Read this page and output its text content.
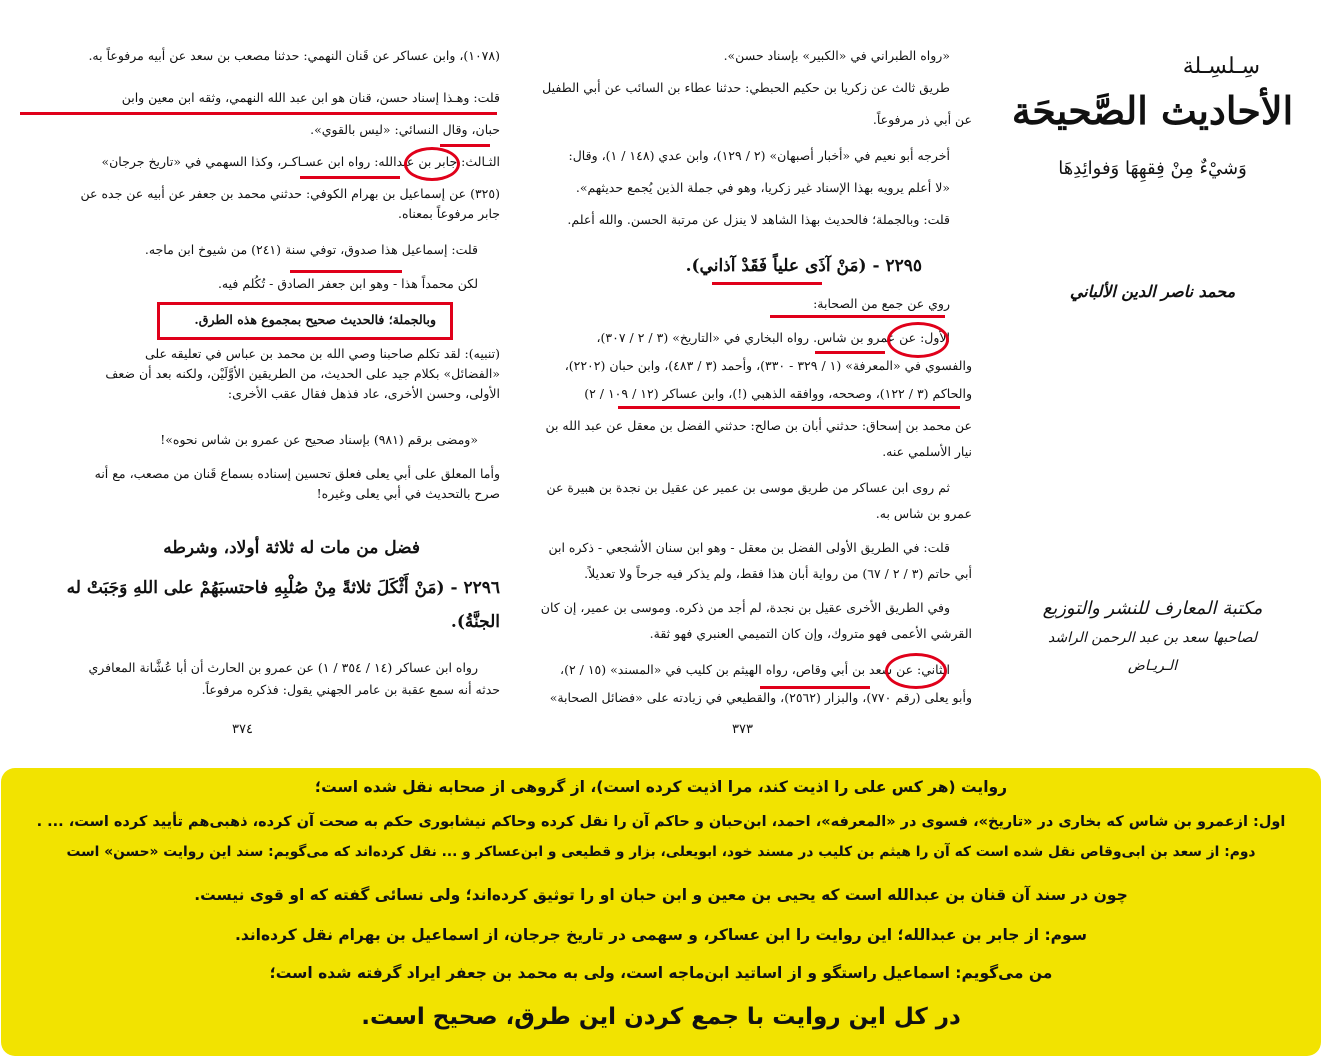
(١٠٧٨)، وابن عساكر عن قَنان النهمي: حدثنا مصعب بن سعد عن أبيه مرفوعاً به.
قلت: وهـذا إسناد حسن، قنان هو ابن عبد الله النهمي، وثقه ابن معين وابن
حبان، وقال النسائي: «ليس بالقوي».
الثـالث: جابر بن عبدالله: رواه ابن عسـاكـر، وكذا السهمي في «تاريخ جرجان»
(٣٢٥) عن إسماعيل بن بهرام الكوفي: حدثني محمد بن جعفر عن أبيه عن جده عن
جابر مرفوعاً بمعناه.
قلت: إسماعيل هذا صدوق، توفي سنة (٢٤١) من شيوخ ابن ماجه.
لكن محمداً هذا - وهو ابن جعفر الصادق - تُكُلم فيه.
وبالجملة؛ فالحديث صحيح بمجموع هذه الطرق.
(تنبيه): لقد تكلم صاحبنا وصي الله بن محمد بن عباس في تعليقه على
«الفضائل» بكلام جيد على الحديث، من الطريقين الأوَّلَيْن، ولكنه بعد أن ضعف
الأولى، وحسن الأخرى، عاد فذهل فقال عقب الأخرى:
«ومضى برقم (٩٨١) بإسناد صحيح عن عمرو بن شاس نحوه»!
وأما المعلق على أبي يعلى فعلق تحسين إسناده بسماع قَنان من مصعب، مع أنه
صرح بالتحديث في أبي يعلى وغيره!
فضل من مات له ثلاثة أولاد، وشرطه
٢٢٩٦ - (مَنْ أَثْكَلَ ثلاثةً مِنْ صُلْبِهِ فاحتسبَهُمْ على اللهِ وَجَبَتْ له
الجنَّةُ).
رواه ابن عساكر (١٤ / ٣٥٤ / ١) عن عمرو بن الحارث أن أبا عُشَّانة المعافري
حدثه أنه سمع عقبة بن عامر الجهني يقول: فذكره مرفوعاً.
٣٧٤
«رواه الطبراني في «الكبير» بإسناد حسن».
طريق ثالث عن زكريا بن حكيم الحبطي: حدثنا عطاء بن السائب عن أبي الطفيل
عن أبي ذر مرفوعاً.
أخرجه أبو نعيم في «أخبار أصبهان» (٢ / ١٢٩)، وابن عدي (١٤٨ / ١)، وقال:
«لا أعلم يرويه بهذا الإسناد غير زكريا، وهو في جملة الذين يُجمع حديثهم».
قلت: وبالجملة؛ فالحديث بهذا الشاهد لا ينزل عن مرتبة الحسن. والله أعلم.
٢٢٩٥ - (مَنْ آذَى علياً فَقَدْ آذاني).
روي عن جمع من الصحابة:
الأول: عن عمرو بن شاس. رواه البخاري في «التاريخ» (٣ / ٢ / ٣٠٧)،
والفسوي في «المعرفة» (١ / ٣٢٩ - ٣٣٠)، وأحمد (٣ / ٤٨٣)، وابن حبان (٢٢٠٢)،
والحاكم (٣ / ١٢٢)، وصححه، ووافقه الذهبي (!)، وابن عساكر (١٢ / ١٠٩ / ٢)
عن محمد بن إسحاق: حدثني أبان بن صالح: حدثني الفضل بن معقل عن عبد الله بن
نيار الأسلمي عنه.
ثم روى ابن عساكر من طريق موسى بن عمير عن عقيل بن نجدة بن هبيرة عن
عمرو بن شاس به.
قلت: في الطريق الأولى الفضل بن معقل - وهو ابن سنان الأشجعي - ذكره ابن
أبي حاتم (٣ / ٢ / ٦٧) من رواية أبان هذا فقط، ولم يذكر فيه جرحاً ولا تعديلاً.
وفي الطريق الأخرى عقيل بن نجدة، لم أجد من ذكره. وموسى بن عمير، إن كان
القرشي الأعمى فهو متروك، وإن كان التميمي العنبري فهو ثقة.
الثاني: عن سعد بن أبي وقاص، رواه الهيثم بن كليب في «المسند» (١٥ / ٢)،
وأبو يعلى (رقم ٧٧٠)، والبزار (٢٥٦٢)، والقطيعي في زيادته على «فضائل الصحابة»
٣٧٣
سِـلسِـلة
الأحاديث الصَّحيحَة
وَشيْءٌ مِنْ فِقهِهَا وَفوائِدِهَا
محمد ناصر الدين الألباني
مكتبة المعارف للنشر والتوزيع
لصاحبها سعد بن عبد الرحمن الراشد
الـريـاض
روایت (هر کس علی را اذیت کند، مرا اذیت کرده است)، از گروهی از صحابه نقل شده است؛
اول: ازعمرو بن شاس که بخاری در «تاریخ»، فسوی در «المعرفه»، احمد، ابن‌حبان و حاکم آن را نقل کرده وحاکم نیشابوری حکم به صحت آن کرده، ذهبی‌هم تأیید کرده است، ... .
دوم: از سعد بن ابی‌وقاص نقل شده است که آن را هیثم بن کلیب در مسند خود، ابویعلی، بزار و قطیعی و ابن‌عساکر و ... نقل کرده‌اند که می‌گویم: سند این روایت «حسن» است
چون در سند آن قنان بن عبدالله است که یحیی بن معین و ابن حبان او را توثیق کرده‌اند؛ ولی نسائی گفته که او قوی نیست.
سوم: از جابر بن عبدالله؛ این روایت را ابن عساکر، و سهمی در تاریخ جرجان، از اسماعیل بن بهرام نقل کرده‌اند.
من می‌گویم: اسماعیل راستگو و از اساتید ابن‌ماجه است، ولی به محمد بن جعفر ایراد گرفته شده است؛
در کل این روایت با جمع کردن این طرق، صحیح است.
